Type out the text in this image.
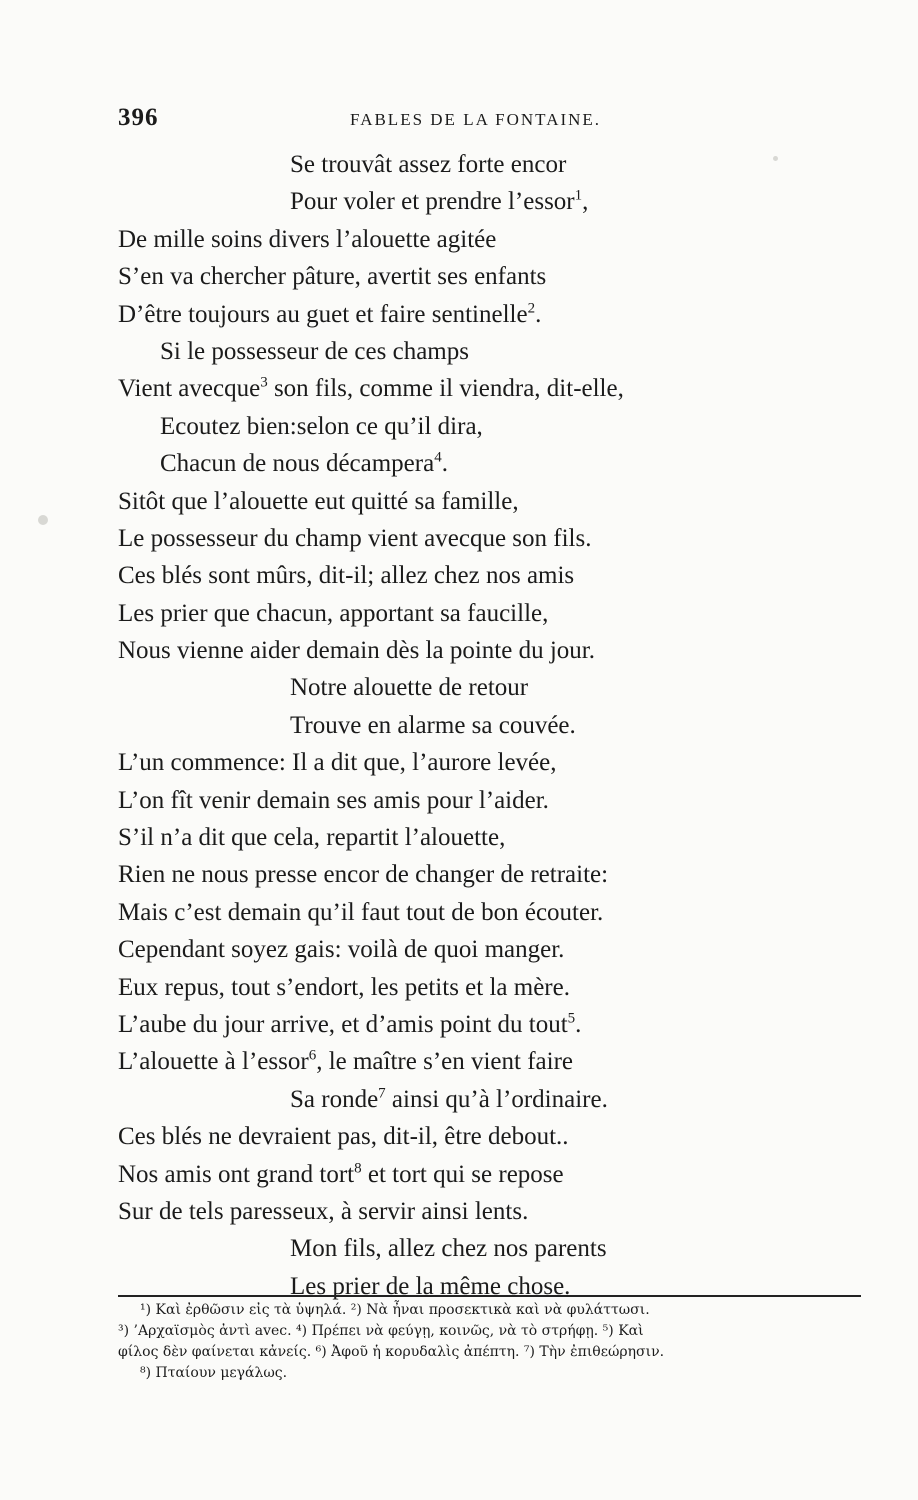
396	FABLES DE LA FONTAINE.
Se trouvât assez forte encor
Pour voler et prendre l’essor$^1$,
De mille soins divers l’alouette agitée
S’en va chercher pâture, avertit ses enfants
D’être toujours au guet et faire sentinelle$^2$.
Si le possesseur de ces champs
Vient avecque$^3$ son fils, comme il viendra, dit-elle,
Ecoutez bien:selon ce qu’il dira,
Chacun de nous décampera$^4$.
Sitôt que l’alouette eut quitté sa famille,
Le possesseur du champ vient avecque son fils.
Ces blés sont mûrs, dit-il; allez chez nos amis
Les prier que chacun, apportant sa faucille,
Nous vienne aider demain dès la pointe du jour.
Notre alouette de retour
Trouve en alarme sa couvée.
L’un commence: Il a dit que, l’aurore levée,
L’on fît venir demain ses amis pour l’aider.
S’il n’a dit que cela, repartit l’alouette,
Rien ne nous presse encor de changer de retraite:
Mais c’est demain qu’il faut tout de bon écouter.
Cependant soyez gais: voilà de quoi manger.
Eux repus, tout s’endort, les petits et la mère.
L’aube du jour arrive, et d’amis point du tout$^5$.
L’alouette à l’essor$^6$, le maître s’en vient faire
Sa ronde$^7$ ainsi qu’à l’ordinaire.
Ces blés ne devraient pas, dit-il, être debout..
Nos amis ont grand tort$^8$ et tort qui se repose
Sur de tels paresseux, à servir ainsi lents.
Mon fils, allez chez nos parents
Les prier de la même chose.
¹) Καὶ ἐρθῶσιν εἰς τὰ ὑψηλά. ²) Νὰ ἦναι προσεκτικὰ καὶ νὰ φυλάττωσι.
³) ’Αρχαϊσμὸς ἀντὶ avec. ⁴) Πρέπει νὰ φεύγῃ, κοινῶς, νὰ τὸ στρήφῃ. ⁵) Καὶ
φίλος δὲν φαίνεται κἀνείς. ⁶) Ἀφοῦ ἡ κορυδαλὶς ἀπέπτη. ⁷) Τὴν ἐπιθεώρησιν.
⁸) Πταίουν μεγάλως.
